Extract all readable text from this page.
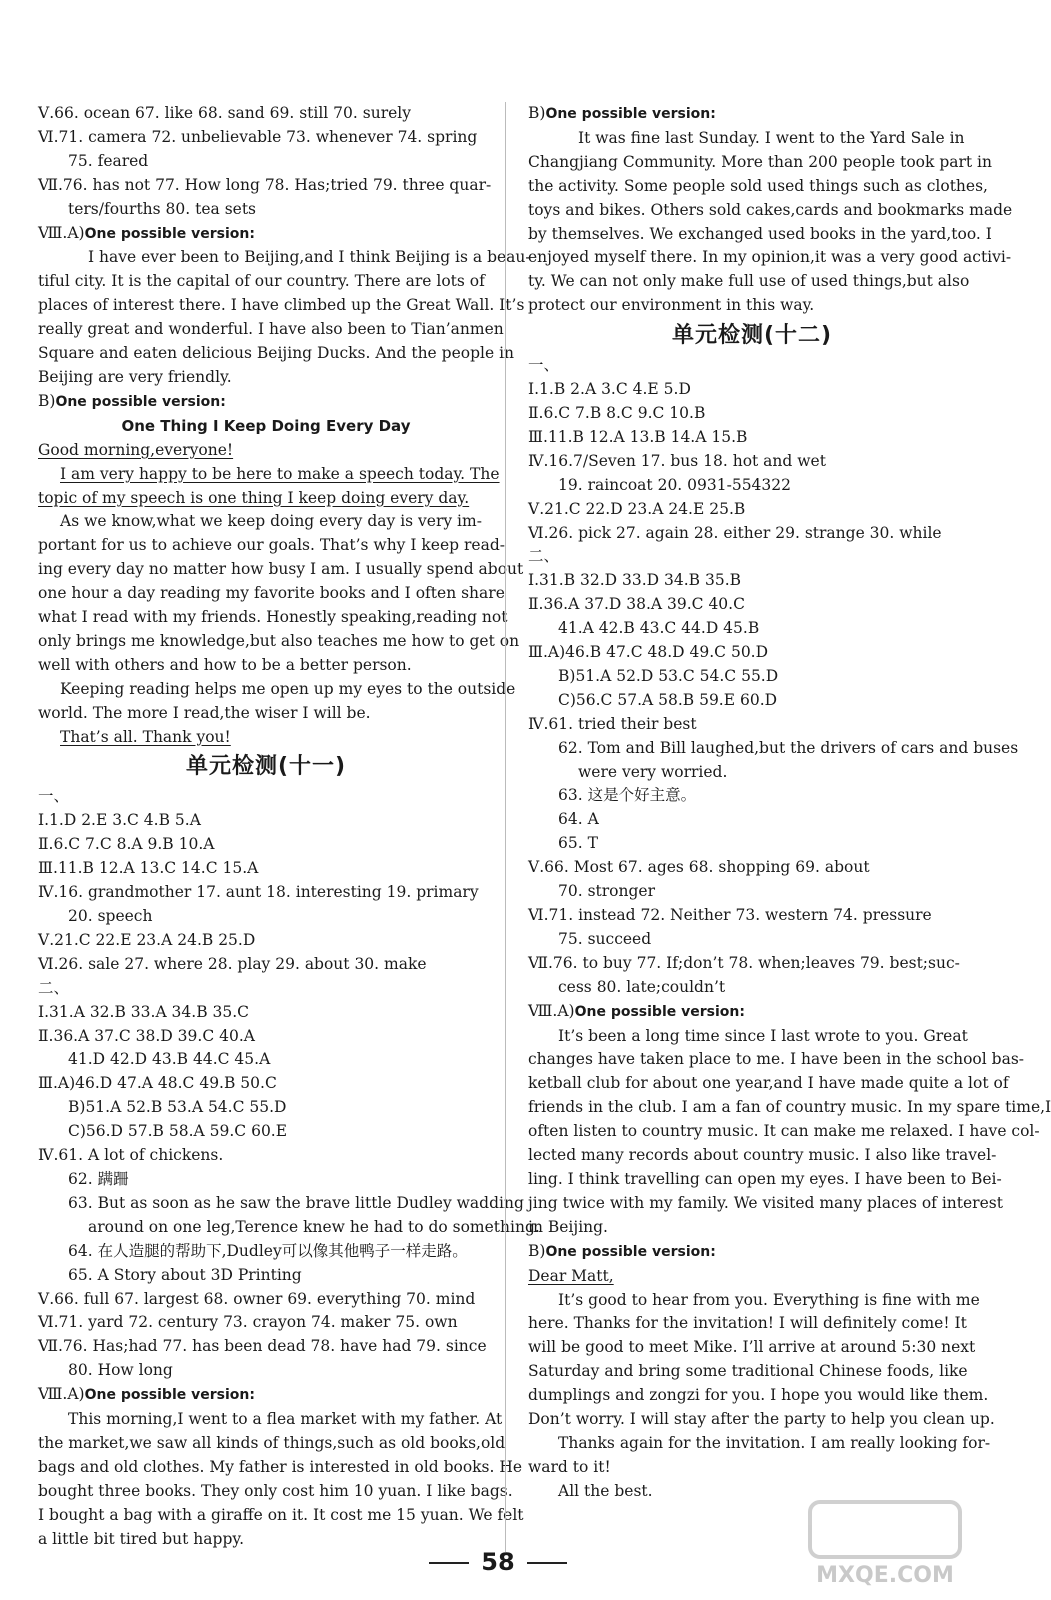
Ⅴ.66. ocean 67. like 68. sand 69. still 70. surely
Ⅵ.71. camera 72. unbelievable 73. whenever 74. spring
75. feared
Ⅶ.76. has not 77. How long 78. Has;tried 79. three quar-
ters/fourths 80. tea sets
Ⅷ.A)One possible version:
I have ever been to Beijing,and I think Beijing is a beau-
tiful city. It is the capital of our country. There are lots of
places of interest there. I have climbed up the Great Wall. It’s
really great and wonderful. I have also been to Tian’anmen
Square and eaten delicious Beijing Ducks. And the people in
Beijing are very friendly.
B)One possible version:
One Thing I Keep Doing Every Day
Good morning,everyone!
I am very happy to be here to make a speech today. The
topic of my speech is one thing I keep doing every day.
As we know,what we keep doing every day is very im-
portant for us to achieve our goals. That’s why I keep read-
ing every day no matter how busy I am. I usually spend about
one hour a day reading my favorite books and I often share
what I read with my friends. Honestly speaking,reading not
only brings me knowledge,but also teaches me how to get on
well with others and how to be a better person.
Keeping reading helps me open up my eyes to the outside
world. The more I read,the wiser I will be.
That’s all. Thank you!
单元检测(十一)
一、
Ⅰ.1.D 2.E 3.C 4.B 5.A
Ⅱ.6.C 7.C 8.A 9.B 10.A
Ⅲ.11.B 12.A 13.C 14.C 15.A
Ⅳ.16. grandmother 17. aunt 18. interesting 19. primary
20. speech
Ⅴ.21.C 22.E 23.A 24.B 25.D
Ⅵ.26. sale 27. where 28. play 29. about 30. make
二、
Ⅰ.31.A 32.B 33.A 34.B 35.C
Ⅱ.36.A 37.C 38.D 39.C 40.A
41.D 42.D 43.B 44.C 45.A
Ⅲ.A)46.D 47.A 48.C 49.B 50.C
B)51.A 52.B 53.A 54.C 55.D
C)56.D 57.B 58.A 59.C 60.E
Ⅳ.61. A lot of chickens.
62. 蹒跚
63. But as soon as he saw the brave little Dudley wadding
around on one leg,Terence knew he had to do something.
64. 在人造腿的帮助下,Dudley可以像其他鸭子一样走路。
65. A Story about 3D Printing
Ⅴ.66. full 67. largest 68. owner 69. everything 70. mind
Ⅵ.71. yard 72. century 73. crayon 74. maker 75. own
Ⅶ.76. Has;had 77. has been dead 78. have had 79. since
80. How long
Ⅷ.A)One possible version:
This morning,I went to a flea market with my father. At
the market,we saw all kinds of things,such as old books,old
bags and old clothes. My father is interested in old books. He
bought three books. They only cost him 10 yuan. I like bags.
I bought a bag with a giraffe on it. It cost me 15 yuan. We felt
a little bit tired but happy.
B)One possible version:
It was fine last Sunday. I went to the Yard Sale in
Changjiang Community. More than 200 people took part in
the activity. Some people sold used things such as clothes,
toys and bikes. Others sold cakes,cards and bookmarks made
by themselves. We exchanged used books in the yard,too. I
enjoyed myself there. In my opinion,it was a very good activi-
ty. We can not only make full use of used things,but also
protect our environment in this way.
单元检测(十二)
一、
Ⅰ.1.B 2.A 3.C 4.E 5.D
Ⅱ.6.C 7.B 8.C 9.C 10.B
Ⅲ.11.B 12.A 13.B 14.A 15.B
Ⅳ.16.7/Seven 17. bus 18. hot and wet
19. raincoat 20. 0931-554322
Ⅴ.21.C 22.D 23.A 24.E 25.B
Ⅵ.26. pick 27. again 28. either 29. strange 30. while
二、
Ⅰ.31.B 32.D 33.D 34.B 35.B
Ⅱ.36.A 37.D 38.A 39.C 40.C
41.A 42.B 43.C 44.D 45.B
Ⅲ.A)46.B 47.C 48.D 49.C 50.D
B)51.A 52.D 53.C 54.C 55.D
C)56.C 57.A 58.B 59.E 60.D
Ⅳ.61. tried their best
62. Tom and Bill laughed,but the drivers of cars and buses
were very worried.
63. 这是个好主意。
64. A
65. T
Ⅴ.66. Most 67. ages 68. shopping 69. about
70. stronger
Ⅵ.71. instead 72. Neither 73. western 74. pressure
75. succeed
Ⅶ.76. to buy 77. If;don’t 78. when;leaves 79. best;suc-
cess 80. late;couldn’t
Ⅷ.A)One possible version:
It’s been a long time since I last wrote to you. Great
changes have taken place to me. I have been in the school bas-
ketball club for about one year,and I have made quite a lot of
friends in the club. I am a fan of country music. In my spare time,I
often listen to country music. It can make me relaxed. I have col-
lected many records about country music. I also like travel-
ling. I think travelling can open my eyes. I have been to Bei-
jing twice with my family. We visited many places of interest
in Beijing.
B)One possible version:
Dear Matt,
It’s good to hear from you. Everything is fine with me
here. Thanks for the invitation! I will definitely come! It
will be good to meet Mike. I’ll arrive at around 5:30 next
Saturday and bring some traditional Chinese foods, like
dumplings and zongzi for you. I hope you would like them.
Don’t worry. I will stay after the party to help you clean up.
Thanks again for the invitation. I am really looking for-
ward to it!
All the best.
58	MXQE.COM
